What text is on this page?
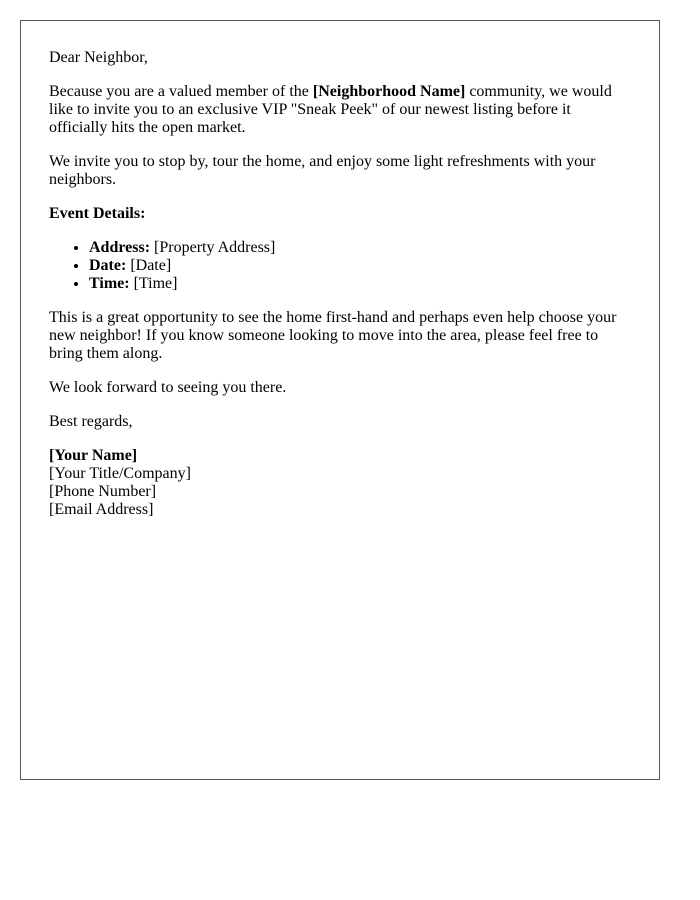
Dear Neighbor,

Because you are a valued member of the [Neighborhood Name] community, we would like to invite you to an exclusive VIP "Sneak Peek" of our newest listing before it officially hits the open market.

We invite you to stop by, tour the home, and enjoy some light refreshments with your neighbors.

Event Details:

• Address: [Property Address]
• Date: [Date]
• Time: [Time]

This is a great opportunity to see the home first-hand and perhaps even help choose your new neighbor! If you know someone looking to move into the area, please feel free to bring them along.

We look forward to seeing you there.

Best regards,

[Your Name]
[Your Title/Company]
[Phone Number]
[Email Address]
